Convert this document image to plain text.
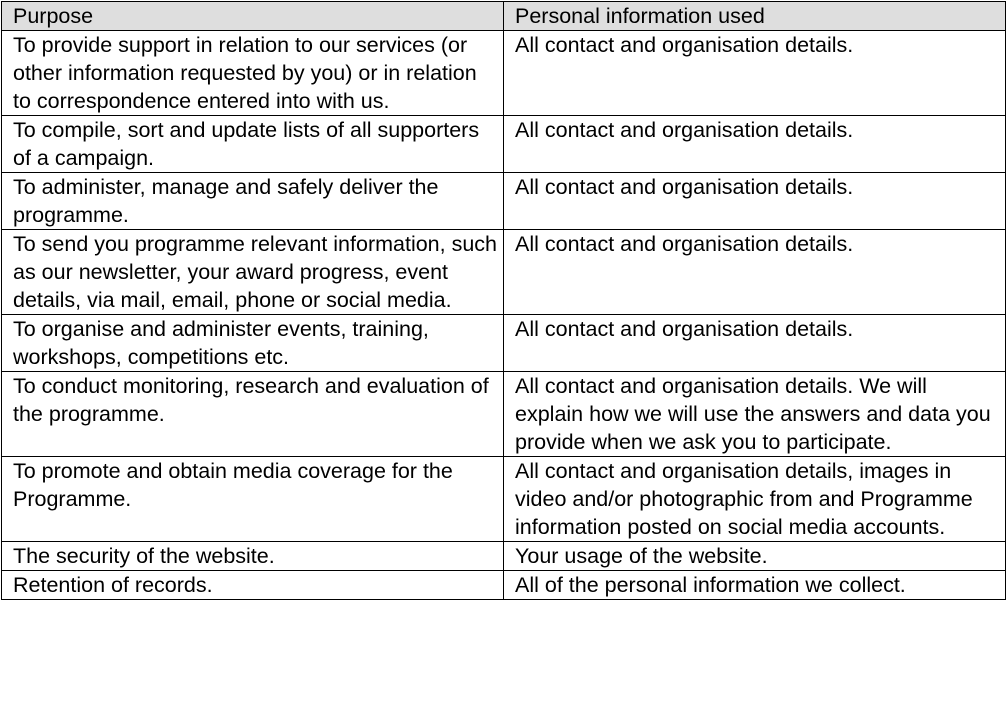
Purpose	Personal information used
To provide support in relation to our services (or other information requested by you) or in relation to correspondence entered into with us.	All contact and organisation details.
To compile, sort and update lists of all supporters of a campaign.	All contact and organisation details.
To administer, manage and safely deliver the programme.	All contact and organisation details.
To send you programme relevant information, such as our newsletter, your award progress, event details, via mail, email, phone or social media.	All contact and organisation details.
To organise and administer events, training, workshops, competitions etc.	All contact and organisation details.
To conduct monitoring, research and evaluation of the programme.	All contact and organisation details. We will explain how we will use the answers and data you provide when we ask you to participate.
To promote and obtain media coverage for the Programme.	All contact and organisation details, images in video and/or photographic from and Programme information posted on social media accounts.
The security of the website.	Your usage of the website.
Retention of records.	All of the personal information we collect.
